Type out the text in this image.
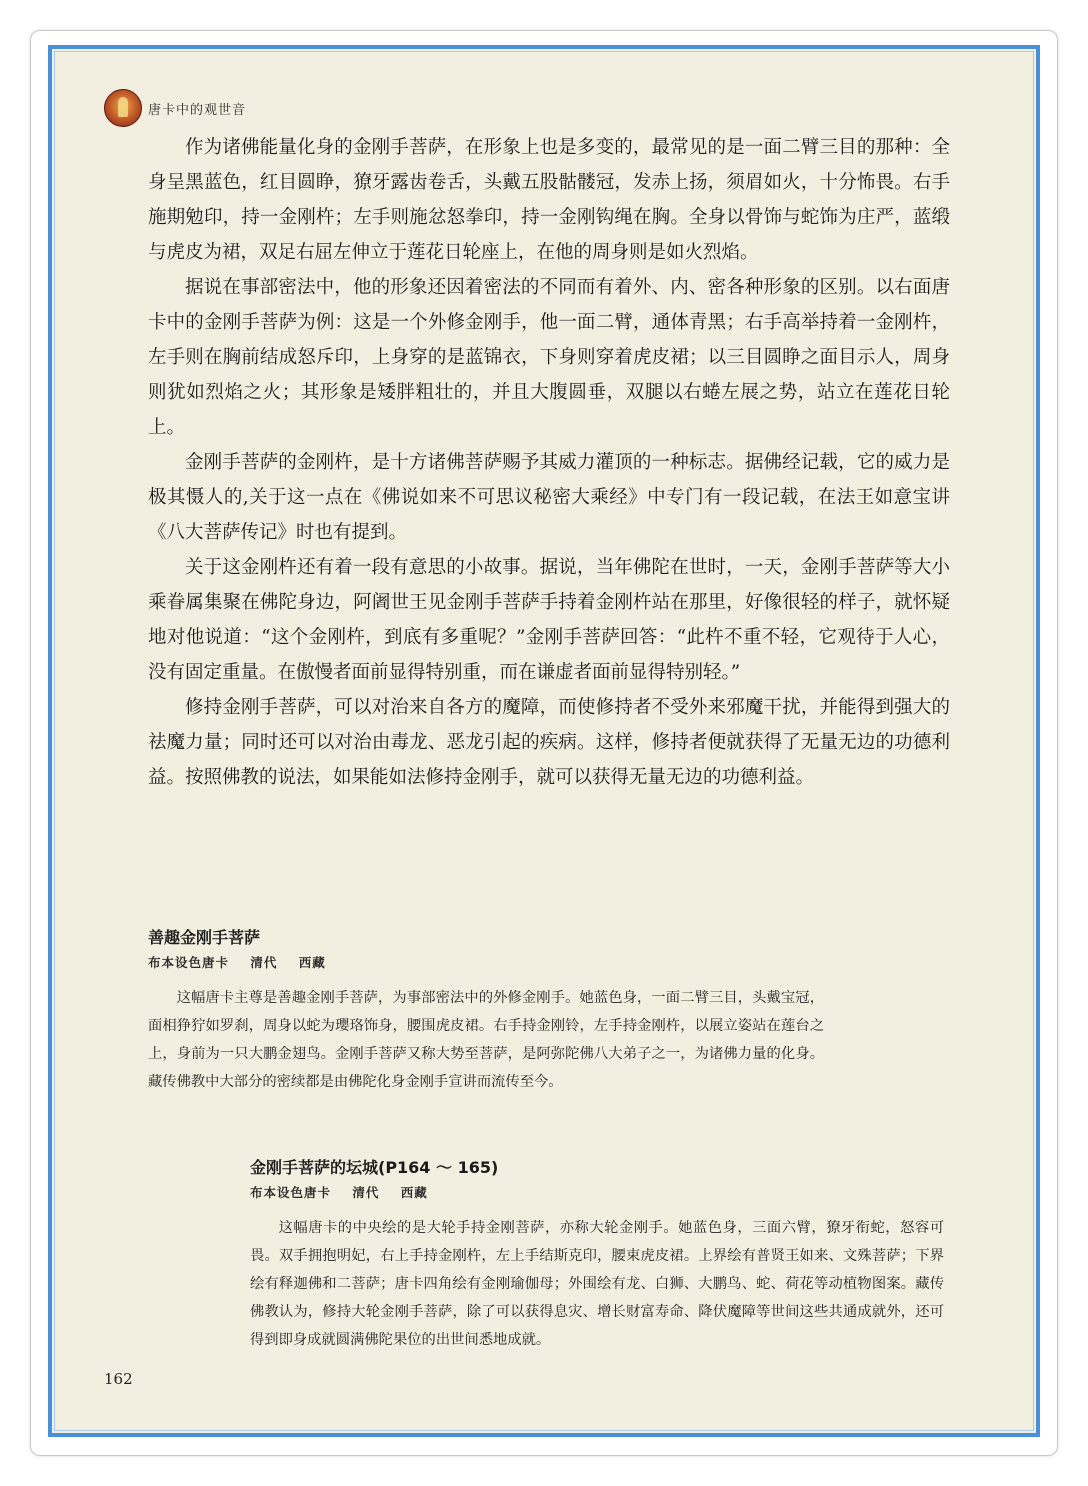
唐卡中的观世音

作为诸佛能量化身的金刚手菩萨，在形象上也是多变的，最常见的是一面二臂三目的那种：全身呈黑蓝色，红目圆睁，獠牙露齿卷舌，头戴五股骷髅冠，发赤上扬，须眉如火，十分怖畏。右手施期勉印，持一金刚杵；左手则施忿怒拳印，持一金刚钩绳在胸。全身以骨饰与蛇饰为庄严，蓝缎与虎皮为裙，双足右屈左伸立于莲花日轮座上，在他的周身则是如火烈焰。

据说在事部密法中，他的形象还因着密法的不同而有着外、内、密各种形象的区别。以右面唐卡中的金刚手菩萨为例：这是一个外修金刚手，他一面二臂，通体青黑；右手高举持着一金刚杵，左手则在胸前结成怒斥印，上身穿的是蓝锦衣，下身则穿着虎皮裙；以三目圆睁之面目示人，周身则犹如烈焰之火；其形象是矮胖粗壮的，并且大腹圆垂，双腿以右蜷左展之势，站立在莲花日轮上。

金刚手菩萨的金刚杵，是十方诸佛菩萨赐予其威力灌顶的一种标志。据佛经记载，它的威力是极其慑人的,关于这一点在《佛说如来不可思议秘密大乘经》中专门有一段记载，在法王如意宝讲《八大菩萨传记》时也有提到。

关于这金刚杵还有着一段有意思的小故事。据说，当年佛陀在世时，一天，金刚手菩萨等大小乘眷属集聚在佛陀身边，阿阇世王见金刚手菩萨手持着金刚杵站在那里，好像很轻的样子，就怀疑地对他说道：“这个金刚杵，到底有多重呢？”金刚手菩萨回答：“此杵不重不轻，它观待于人心，没有固定重量。在傲慢者面前显得特别重，而在谦虚者面前显得特别轻。”

修持金刚手菩萨，可以对治来自各方的魔障，而使修持者不受外来邪魔干扰，并能得到强大的祛魔力量；同时还可以对治由毒龙、恶龙引起的疾病。这样，修持者便就获得了无量无边的功德利益。按照佛教的说法，如果能如法修持金刚手，就可以获得无量无边的功德利益。

善趣金刚手菩萨
布本设色唐卡 清代 西藏

这幅唐卡主尊是善趣金刚手菩萨，为事部密法中的外修金刚手。她蓝色身，一面二臂三目，头戴宝冠，面相狰狞如罗刹，周身以蛇为瓔珞饰身，腰围虎皮裙。右手持金刚铃，左手持金刚杵，以展立姿站在莲台之上，身前为一只大鹏金翅鸟。金刚手菩萨又称大势至菩萨，是阿弥陀佛八大弟子之一，为诸佛力量的化身。藏传佛教中大部分的密续都是由佛陀化身金刚手宣讲而流传至今。

金刚手菩萨的坛城(P164 ～ 165)
布本设色唐卡 清代 西藏

这幅唐卡的中央绘的是大轮手持金刚菩萨，亦称大轮金刚手。她蓝色身，三面六臂，獠牙衔蛇，怒容可畏。双手拥抱明妃，右上手持金刚杵，左上手结斯克印，腰束虎皮裙。上界绘有普贤王如来、文殊菩萨；下界绘有释迦佛和二菩萨；唐卡四角绘有金刚瑜伽母；外围绘有龙、白狮、大鹏鸟、蛇、荷花等动植物图案。藏传佛教认为，修持大轮金刚手菩萨，除了可以获得息灾、增长财富寿命、降伏魔障等世间这些共通成就外，还可得到即身成就圆满佛陀果位的出世间悉地成就。

162
